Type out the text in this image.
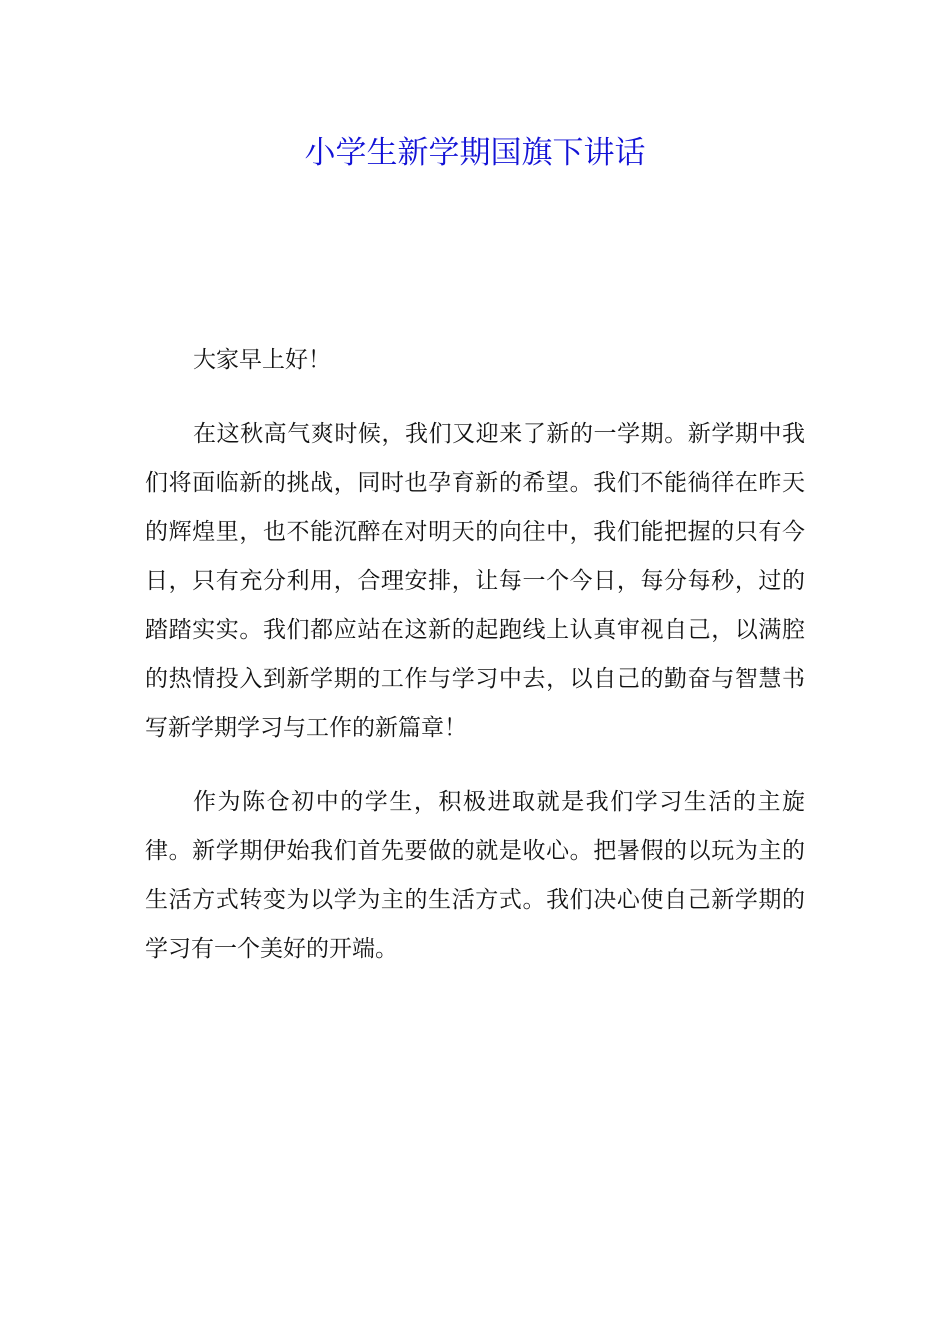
小学生新学期国旗下讲话

大家早上好！

在这秋高气爽时候，我们又迎来了新的一学期。新学期中我们将面临新的挑战，同时也孕育新的希望。我们不能徜徉在昨天的辉煌里，也不能沉醉在对明天的向往中，我们能把握的只有今日，只有充分利用，合理安排，让每一个今日，每分每秒，过的踏踏实实。我们都应站在这新的起跑线上认真审视自己，以满腔的热情投入到新学期的工作与学习中去，以自己的勤奋与智慧书写新学期学习与工作的新篇章！

作为陈仓初中的学生，积极进取就是我们学习生活的主旋律。新学期伊始我们首先要做的就是收心。把暑假的以玩为主的生活方式转变为以学为主的生活方式。我们决心使自己新学期的学习有一个美好的开端。
